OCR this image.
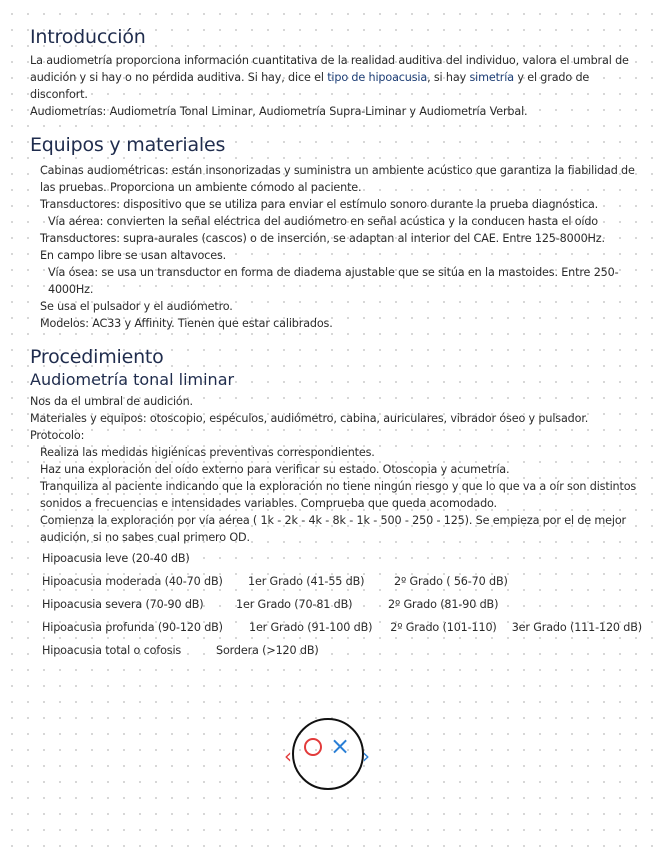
Introducción
La audiometría proporciona información cuantitativa de la realidad auditiva del individuo, valora el umbral de audición y si hay o no pérdida auditiva. Si hay, dice el tipo de hipoacusia, si hay simetría y el grado de disconfort.
Audiometrías: Audiometría Tonal Liminar, Audiometría Supra-Liminar y Audiometría Verbal.
Equipos y materiales
Cabinas audiométricas: están insonorizadas y suministra un ambiente acústico que garantiza la fiabilidad de las pruebas. Proporciona un ambiente cómodo al paciente.
Transductores: dispositivo que se utiliza para enviar el estímulo sonoro durante la prueba diagnóstica.
Vía aérea: convierten la señal eléctrica del audiómetro en señal acústica y la conducen hasta el oído
Transductores: supra-aurales (cascos) o de inserción, se adaptan al interior del CAE. Entre 125-8000Hz.
En campo libre se usan altavoces.
Vía ósea: se usa un transductor en forma de diadema ajustable que se sitúa en la mastoides. Entre 250-4000Hz.
Se usa el pulsador y el audiómetro.
Modelos: AC33 y Affinity. Tienen que estar calibrados.
Procedimiento
Audiometría tonal liminar
Nos da el umbral de audición.
Materiales y equipos: otoscopio, espéculos, audiómetro, cabina, auriculares, vibrador óseo y pulsador.
Protocolo:
Realiza las medidas higiénicas preventivas correspondientes.
Haz una exploración del oído externo para verificar su estado. Otoscopia y acumetría.
Tranquiliza al paciente indicando que la exploración no tiene ningún riesgo y que lo que va a oír son distintos sonidos a frecuencias e intensidades variables. Comprueba que queda acomodado.
Comienza la exploración por vía aérea ( 1k - 2k - 4k - 8k - 1k - 500 - 250 - 125). Se empieza por el de mejor audición, si no sabes cual primero OD.
Hipoacusia leve (20-40 dB)
Hipoacusia moderada (40-70 dB)	1er Grado (41-55 dB)	2º Grado ( 56-70 dB)
Hipoacusia severa (70-90 dB)	1er Grado (70-81 dB)	2º Grado (81-90 dB)
Hipoacusia profunda (90-120 dB)	1er Grado (91-100 dB)	2º Grado (101-110)	3er Grado (111-120 dB)
Hipoacusia total o cofosis	Sordera (>120 dB)
‹ × ›
